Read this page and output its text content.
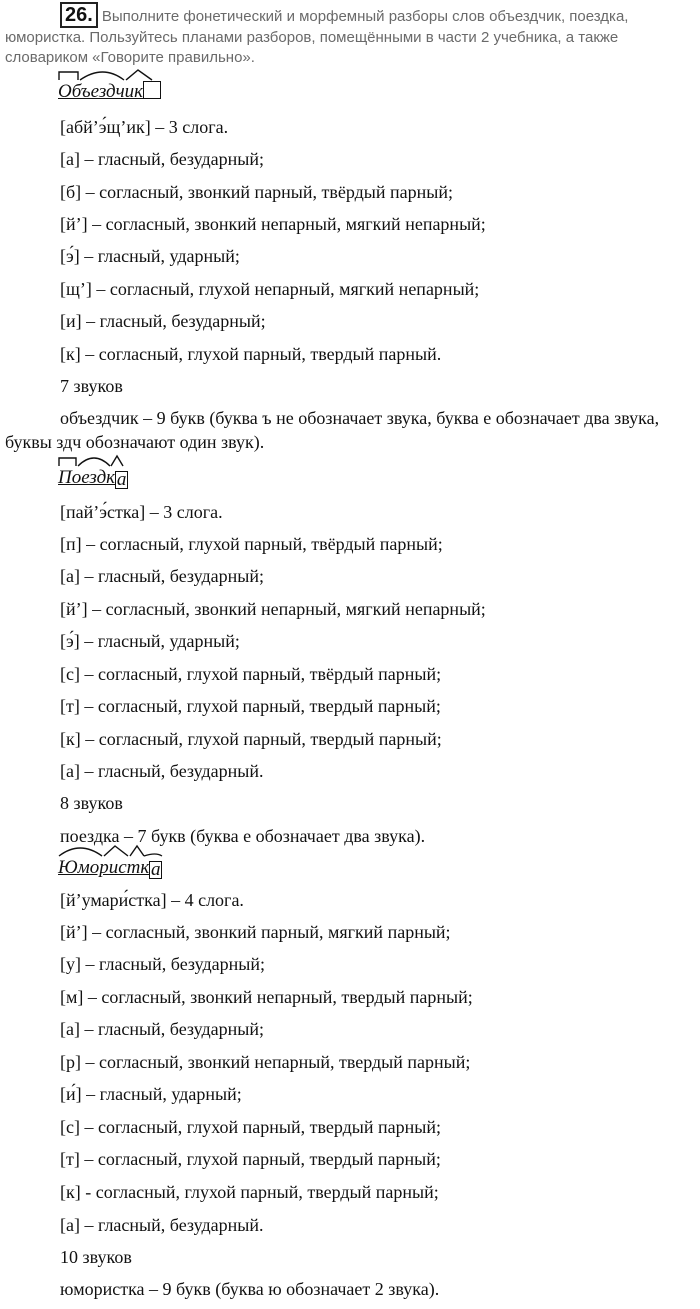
26. Выполните фонетический и морфемный разборы слов объездчик, поездка, юмористка. Пользуйтесь планами разборов, помещёнными в части 2 учебника, а также словариком «Говорите правильно».
Объездчик
[абй’э́щ’ик] – 3 слога.
[а] – гласный, безударный;
[б] – согласный, звонкий парный, твёрдый парный;
[й’] – согласный, звонкий непарный, мягкий непарный;
[э́] – гласный, ударный;
[щ’] – согласный, глухой непарный, мягкий непарный;
[и] – гласный, безударный;
[к] – согласный, глухой парный, твердый парный.
7 звуков
объездчик – 9 букв (буква ъ не обозначает звука, буква е обозначает два звука, буквы здч обозначают один звук).
Поездка
[пай’э́стка] – 3 слога.
[п] – согласный, глухой парный, твёрдый парный;
[а] – гласный, безударный;
[й’] – согласный, звонкий непарный, мягкий непарный;
[э́] – гласный, ударный;
[с] – согласный, глухой парный, твёрдый парный;
[т] – согласный, глухой парный, твердый парный;
[к] – согласный, глухой парный, твердый парный;
[а] – гласный, безударный.
8 звуков
поездка – 7 букв (буква е обозначает два звука).
Юмористка
[й’умари́стка] – 4 слога.
[й’] – согласный, звонкий парный, мягкий парный;
[у] – гласный, безударный;
[м] – согласный, звонкий непарный, твердый парный;
[а] – гласный, безударный;
[р] – согласный, звонкий непарный, твердый парный;
[и́] – гласный, ударный;
[с] – согласный, глухой парный, твердый парный;
[т] – согласный, глухой парный, твердый парный;
[к] - согласный, глухой парный, твердый парный;
[а] – гласный, безударный.
10 звуков
юмористка – 9 букв (буква ю обозначает 2 звука).
